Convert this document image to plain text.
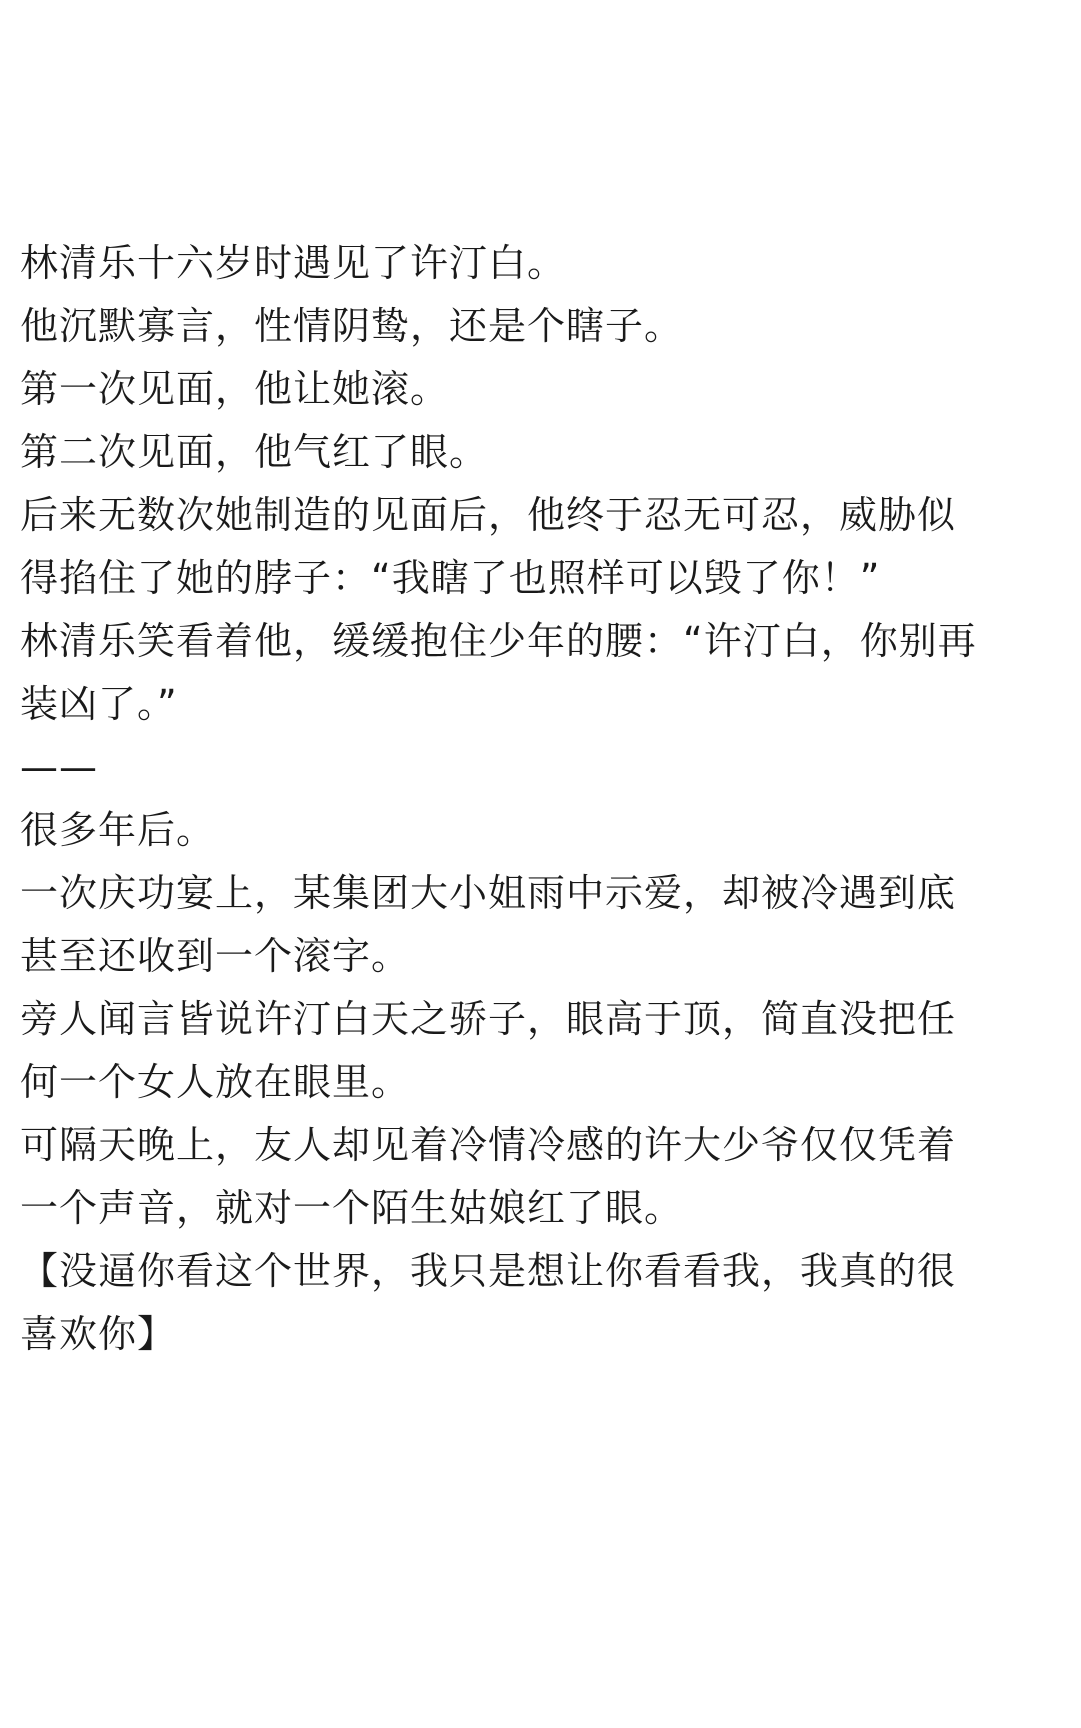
林清乐十六岁时遇见了许汀白。
他沉默寡言，性情阴鸷，还是个瞎子。
第一次见面，他让她滚。
第二次见面，他气红了眼。
后来无数次她制造的见面后，他终于忍无可忍，威胁似
得掐住了她的脖子：“我瞎了也照样可以毁了你！”
林清乐笑看着他，缓缓抱住少年的腰：“许汀白，你别再
装凶了。”
——
很多年后。
一次庆功宴上，某集团大小姐雨中示爱，却被冷遇到底
甚至还收到一个滚字。
旁人闻言皆说许汀白天之骄子，眼高于顶，简直没把任
何一个女人放在眼里。
可隔天晚上，友人却见着冷情冷感的许大少爷仅仅凭着
一个声音，就对一个陌生姑娘红了眼。
【没逼你看这个世界，我只是想让你看看我，我真的很
喜欢你】
